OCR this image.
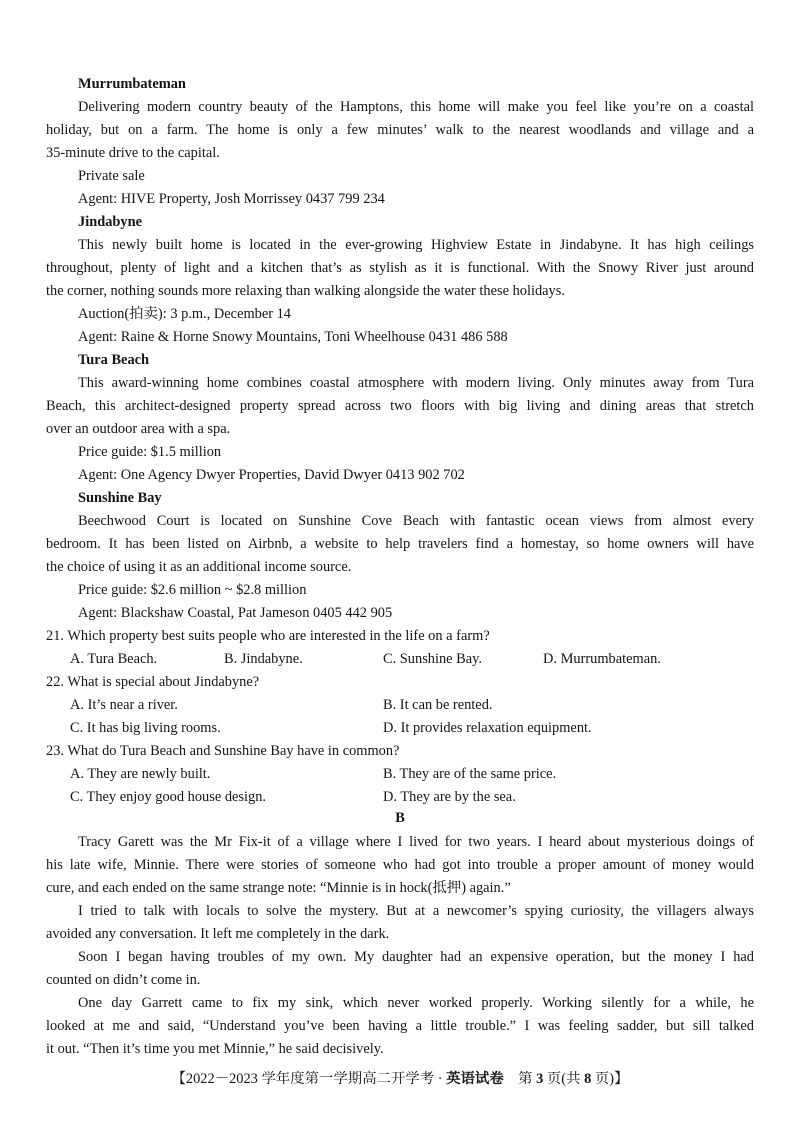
Murrumbateman
Delivering modern country beauty of the Hamptons, this home will make you feel like you’re on a coastal
holiday, but on a farm. The home is only a few minutes’ walk to the nearest woodlands and village and a
35-minute drive to the capital.
Private sale
Agent: HIVE Property, Josh Morrissey 0437 799 234
Jindabyne
This newly built home is located in the ever-growing Highview Estate in Jindabyne. It has high ceilings
throughout, plenty of light and a kitchen that’s as stylish as it is functional. With the Snowy River just around
the corner, nothing sounds more relaxing than walking alongside the water these holidays.
Auction(拍卖): 3 p.m., December 14
Agent: Raine & Horne Snowy Mountains, Toni Wheelhouse 0431 486 588
Tura Beach
This award-winning home combines coastal atmosphere with modern living. Only minutes away from Tura
Beach, this architect-designed property spread across two floors with big living and dining areas that stretch
over an outdoor area with a spa.
Price guide: $1.5 million
Agent: One Agency Dwyer Properties, David Dwyer 0413 902 702
Sunshine Bay
Beechwood Court is located on Sunshine Cove Beach with fantastic ocean views from almost every
bedroom. It has been listed on Airbnb, a website to help travelers find a homestay, so home owners will have
the choice of using it as an additional income source.
Price guide: $2.6 million ~ $2.8 million
Agent: Blackshaw Coastal, Pat Jameson 0405 442 905
21. Which property best suits people who are interested in the life on a farm?
A. Tura Beach.	B. Jindabyne.	C. Sunshine Bay.	D. Murrumbateman.
22. What is special about Jindabyne?
A. It’s near a river.	B. It can be rented.
C. It has big living rooms.	D. It provides relaxation equipment.
23. What do Tura Beach and Sunshine Bay have in common?
A. They are newly built.	B. They are of the same price.
C. They enjoy good house design.	D. They are by the sea.
B
Tracy Garett was the Mr Fix-it of a village where I lived for two years. I heard about mysterious doings of
his late wife, Minnie. There were stories of someone who had got into trouble a proper amount of money would
cure, and each ended on the same strange note: “Minnie is in hock(抵押) again.”
I tried to talk with locals to solve the mystery. But at a newcomer’s spying curiosity, the villagers always
avoided any conversation. It left me completely in the dark.
Soon I began having troubles of my own. My daughter had an expensive operation, but the money I had
counted on didn’t come in.
One day Garrett came to fix my sink, which never worked properly. Working silently for a while, he
looked at me and said, “Understand you’ve been having a little trouble.” I was feeling sadder, but sill talked
it out. “Then it’s time you met Minnie,” he said decisively.
【2022－2023 学年度第一学期高二开学考 · 英语试卷　第 3 页(共 8 页)】
